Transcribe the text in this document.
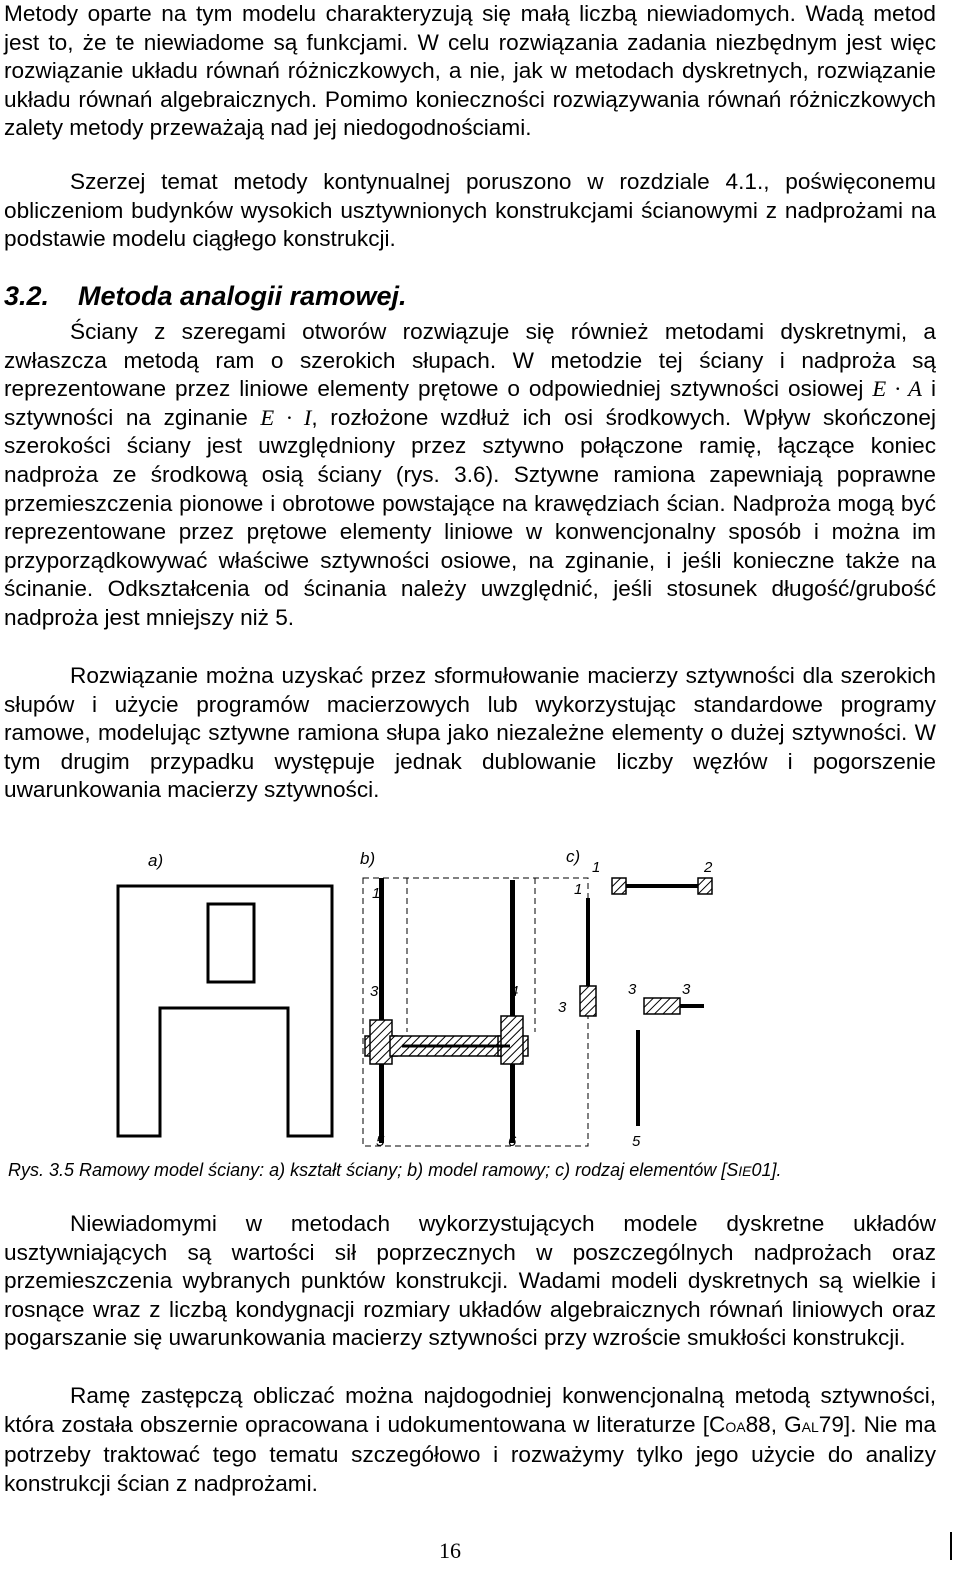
Metody oparte na tym modelu charakteryzują się małą liczbą niewiadomych. Wadą metod jest to, że te niewiadome są funkcjami. W celu rozwiązania zadania niezbędnym jest więc rozwiązanie układu równań różniczkowych, a nie, jak w metodach dyskretnych, rozwiązanie układu równań algebraicznych. Pomimo konieczności rozwiązywania równań różniczkowych zalety metody przeważają nad jej niedogodnościami.
Szerzej temat metody kontynualnej poruszono w rozdziale 4.1., poświęconemu obliczeniom budynków wysokich usztywnionych konstrukcjami ścianowymi z nadprożami na podstawie modelu ciągłego konstrukcji.
3.2. Metoda analogii ramowej.
Ściany z szeregami otworów rozwiązuje się również metodami dyskretnymi, a zwłaszcza metodą ram o szerokich słupach. W metodzie tej ściany i nadproża są reprezentowane przez liniowe elementy prętowe o odpowiedniej sztywności osiowej E · A i sztywności na zginanie E · I, rozłożone wzdłuż ich osi środkowych. Wpływ skończonej szerokości ściany jest uwzględniony przez sztywno połączone ramię, łączące koniec nadproża ze środkową osią ściany (rys. 3.6). Sztywne ramiona zapewniają poprawne przemieszczenia pionowe i obrotowe powstające na krawędziach ścian. Nadproża mogą być reprezentowane przez prętowe elementy liniowe w konwencjonalny sposób i można im przyporządkowywać właściwe sztywności osiowe, na zginanie, i jeśli konieczne także na ścinanie. Odkształcenia od ścinania należy uwzględnić, jeśli stosunek długość/grubość nadproża jest mniejszy niż 5.
Rozwiązanie można uzyskać przez sformułowanie macierzy sztywności dla szerokich słupów i użycie programów macierzowych lub wykorzystując standardowe programy ramowe, modelując sztywne ramiona słupa jako niezależne elementy o dużej sztywności. W tym drugim przypadku występuje jednak dublowanie liczby węzłów i pogorszenie uwarunkowania macierzy sztywności.
a)	b)
1
3	4
5	6
c)
1	2
1
3
3	3
5
Rys. 3.5 Ramowy model ściany: a) kształt ściany; b) model ramowy; c) rodzaj elementów [SIE01].
Niewiadomymi w metodach wykorzystujących modele dyskretne układów usztywniających są wartości sił poprzecznych w poszczególnych nadprożach oraz przemieszczenia wybranych punktów konstrukcji. Wadami modeli dyskretnych są wielkie i rosnące wraz z liczbą kondygnacji rozmiary układów algebraicznych równań liniowych oraz pogarszanie się uwarunkowania macierzy sztywności przy wzroście smukłości konstrukcji.
Ramę zastępczą obliczać można najdogodniej konwencjonalną metodą sztywności, która została obszernie opracowana i udokumentowana w literaturze [COA88, GAL79]. Nie ma potrzeby traktować tego tematu szczegółowo i rozważymy tylko jego użycie do analizy konstrukcji ścian z nadprożami.
16
